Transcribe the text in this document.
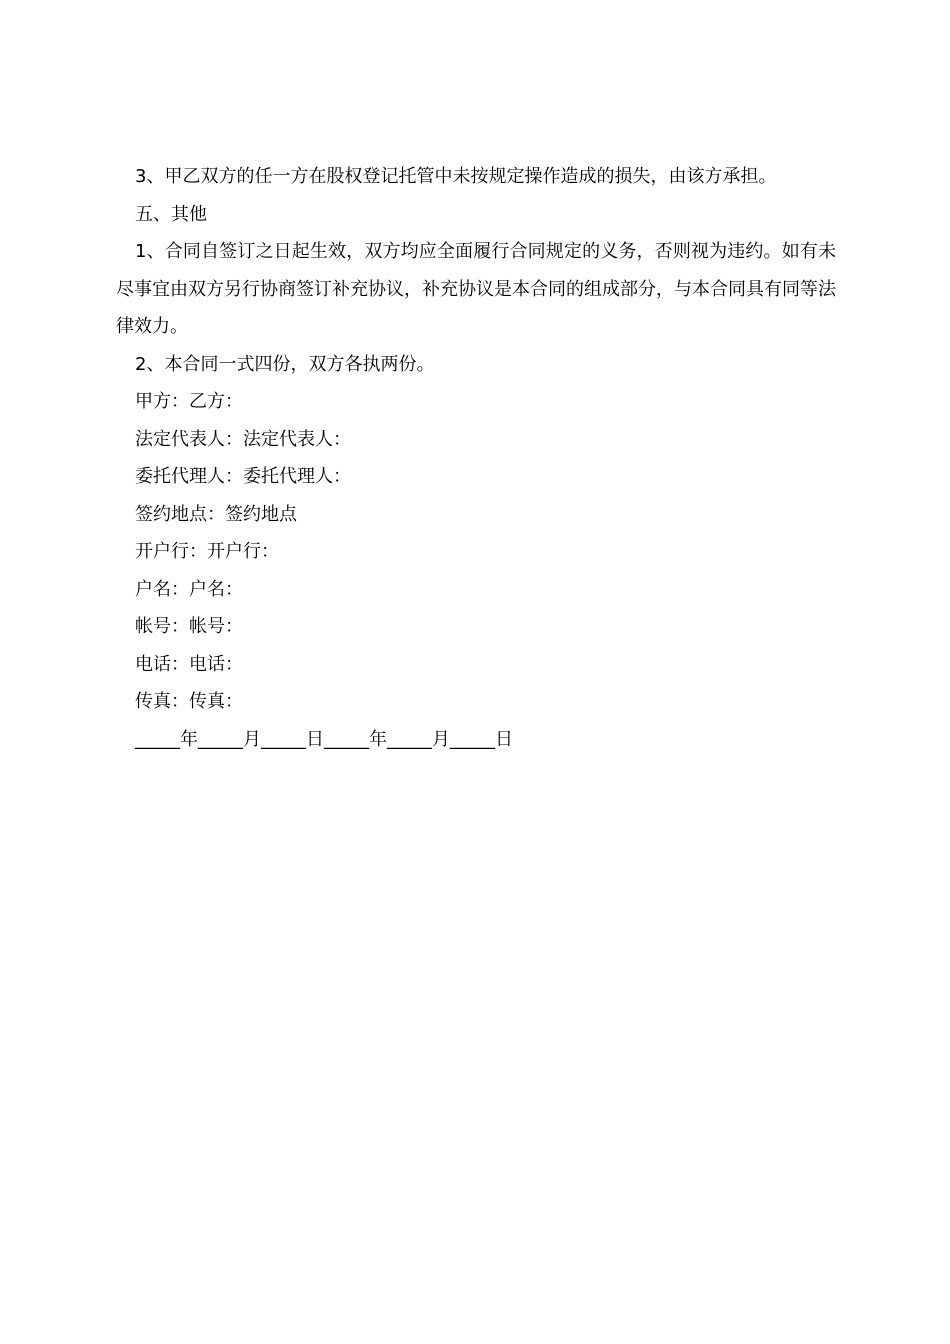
3、甲乙双方的任一方在股权登记托管中未按规定操作造成的损失，由该方承担。

五、其他

1、合同自签订之日起生效，双方均应全面履行合同规定的义务，否则视为违约。如有未尽事宜由双方另行协商签订补充协议，补充协议是本合同的组成部分，与本合同具有同等法律效力。

2、本合同一式四份，双方各执两份。

甲方：乙方：

法定代表人：法定代表人：

委托代理人：委托代理人：

签约地点：签约地点

开户行：开户行：

户名：户名：

帐号：帐号：

电话：电话：

传真：传真：

_____年_____月_____日_____年_____月_____日
